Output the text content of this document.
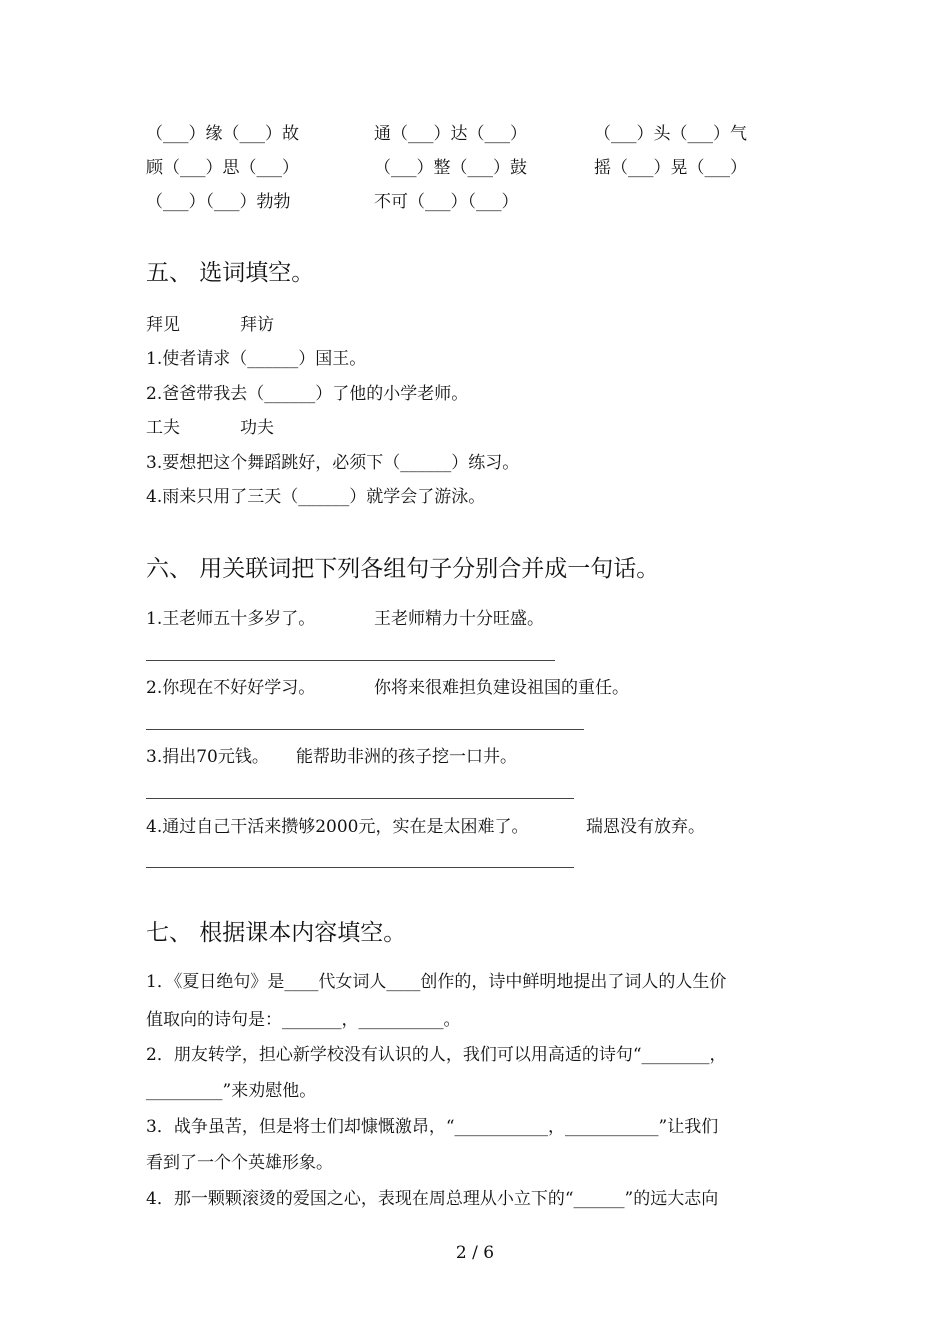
（___）缘（___）故	通（___）达（___）	（___）头（___）气
顾（___）思（___）	（___）整（___）鼓	摇（___）晃（___）
（___）（___）勃勃	不可（___）（___）
五、 选词填空。
拜见	拜访
1.使者请求（______）国王。
2.爸爸带我去（______）了他的小学老师。
工夫	功夫
3.要想把这个舞蹈跳好，必须下（______）练习。
4.雨来只用了三天（______）就学会了游泳。
六、 用关联词把下列各组句子分别合并成一句话。
1.王老师五十多岁了。	王老师精力十分旺盛。
2.你现在不好好学习。	你将来很难担负建设祖国的重任。
3.捐出70元钱。 能帮助非洲的孩子挖一口井。
4.通过自己干活来攒够2000元，实在是太困难了。	瑞恩没有放弃。
七、 根据课本内容填空。
1．《夏日绝句》是____代女词人____创作的，诗中鲜明地提出了词人的人生价
值取向的诗句是：_______，__________。
2．朋友转学，担心新学校没有认识的人，我们可以用高适的诗句“________，
_________”来劝慰他。
3．战争虽苦，但是将士们却慷慨激昂，“___________，___________”让我们
看到了一个个英雄形象。
4．那一颗颗滚烫的爱国之心，表现在周总理从小立下的“______”的远大志向
2 / 6
